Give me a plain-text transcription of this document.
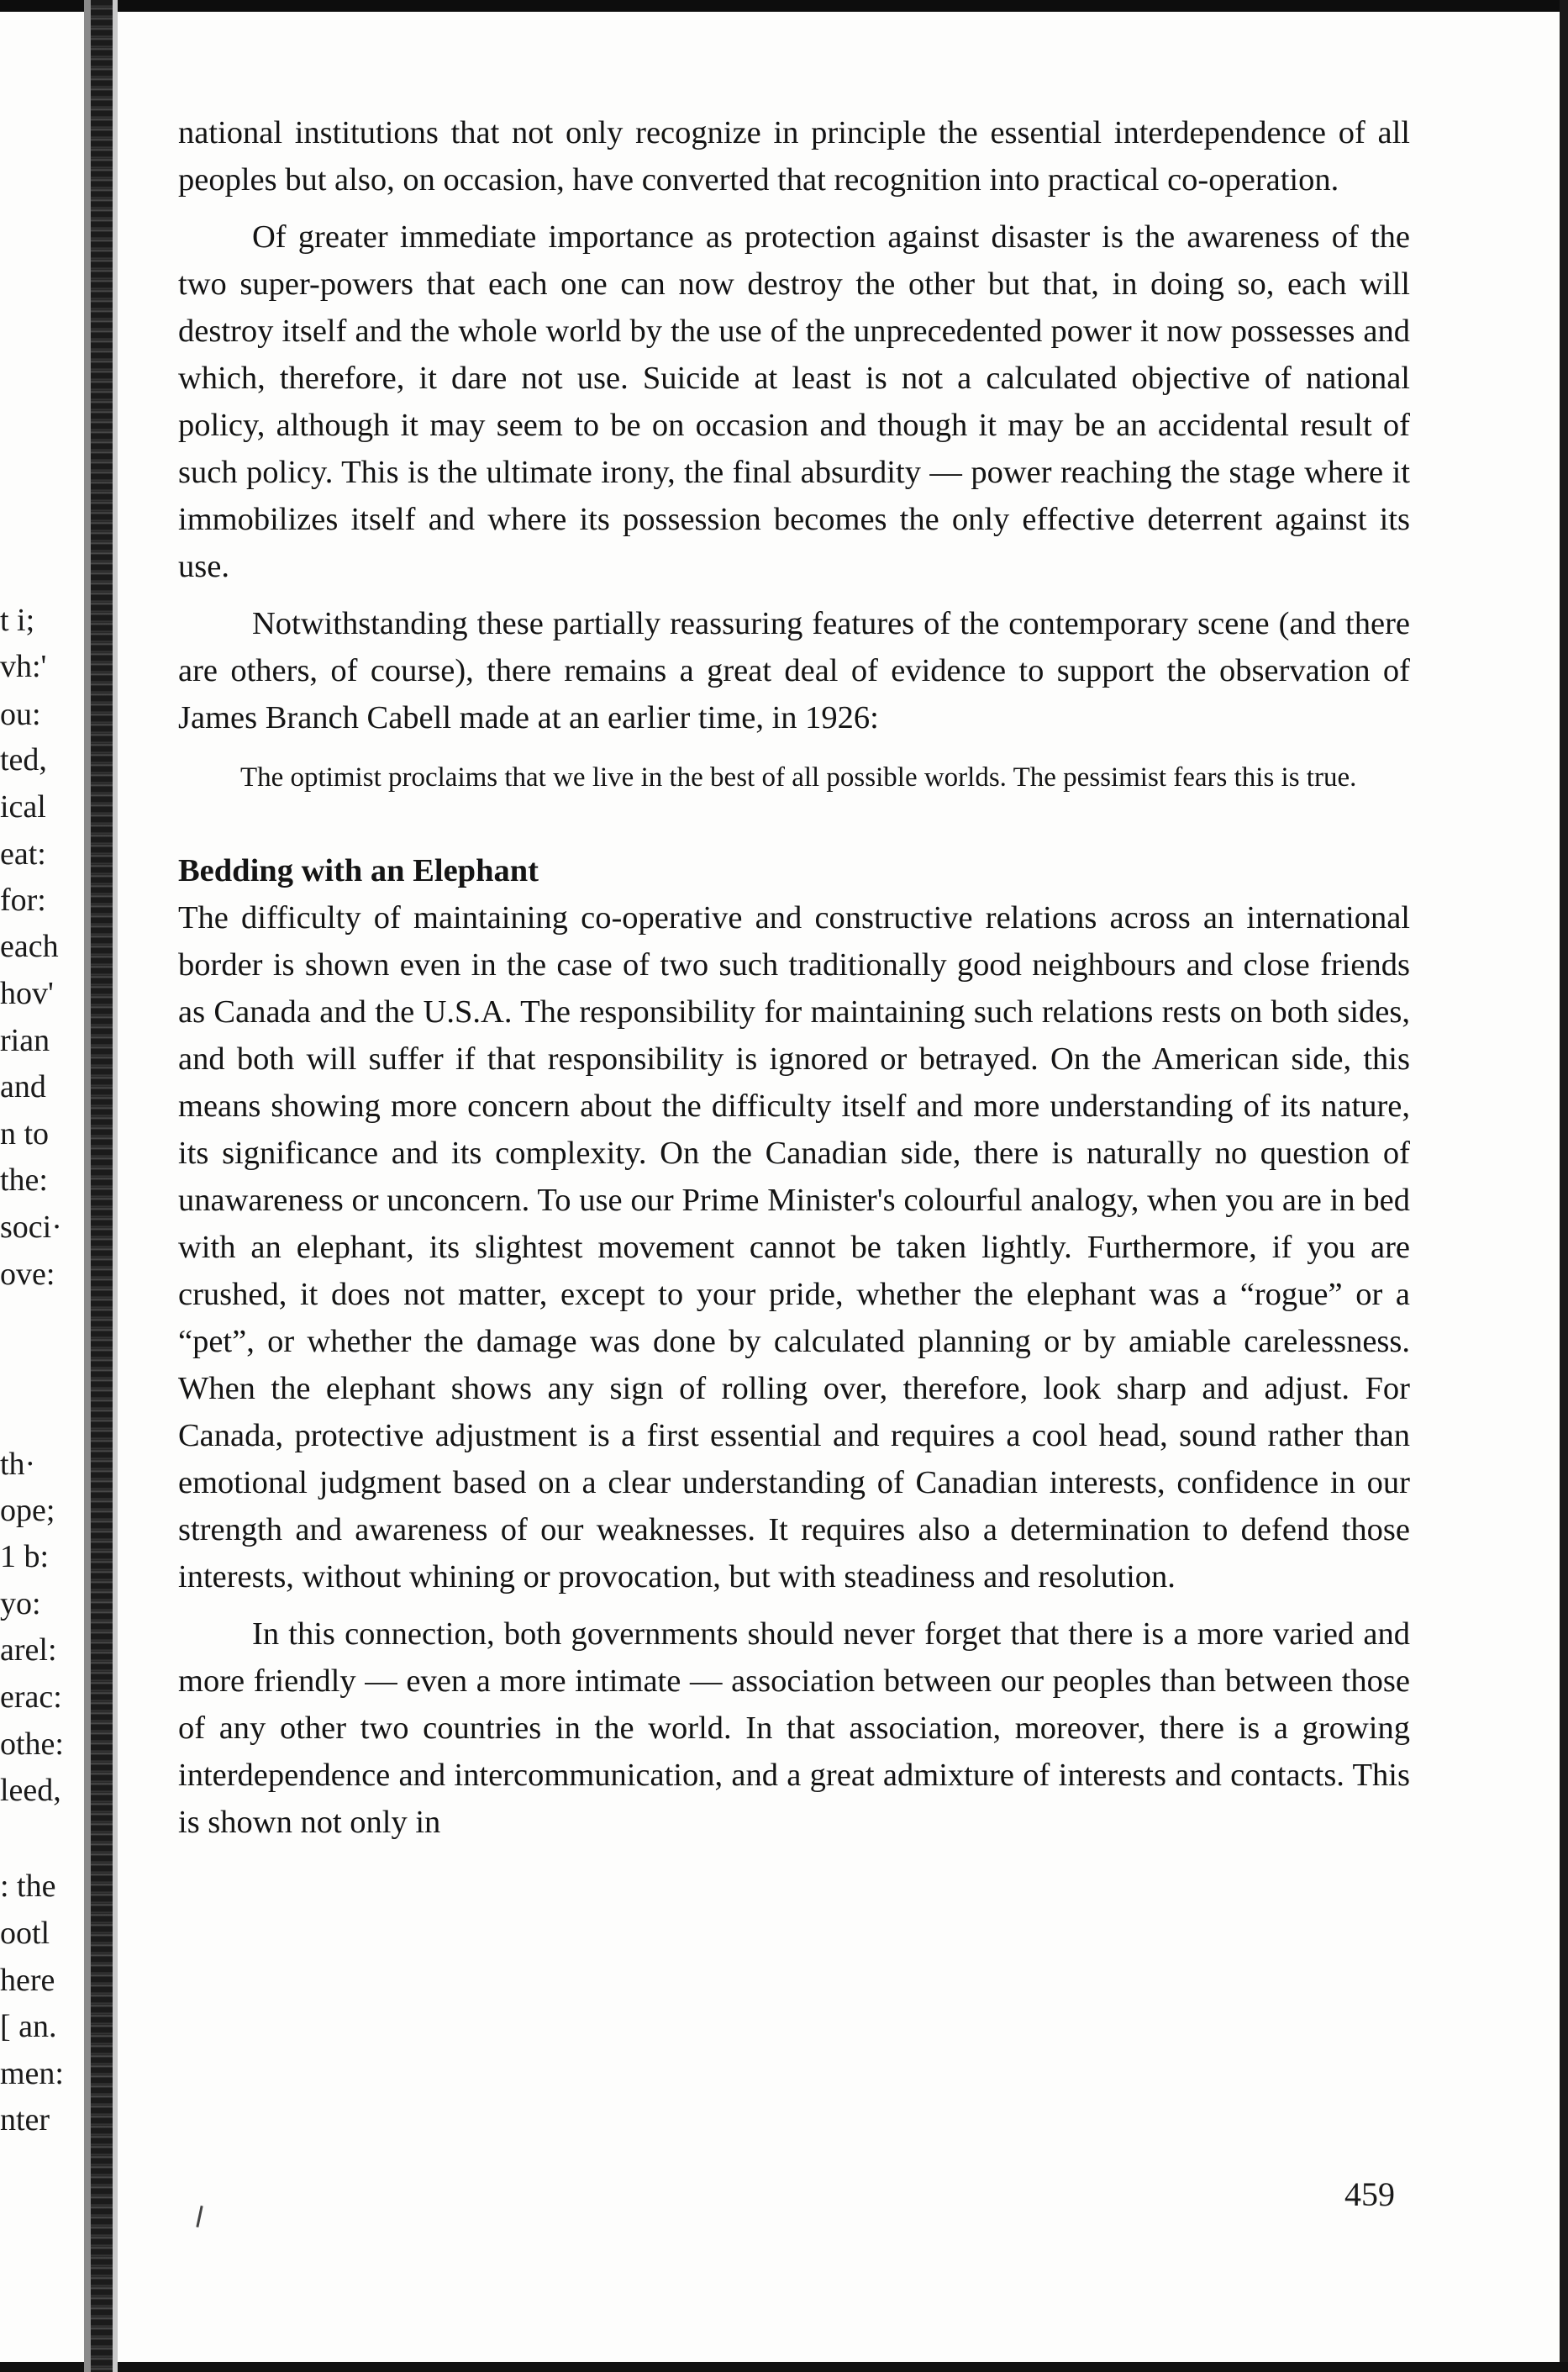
t i;
vh:'
ou:
ted,
ical
eat:
for:
each
hov'
rian
and
n to
the:
soci·
ove:
th·
ope;
1 b:
yo:
arel:
erac:
othe:
leed,
: the
ootl
here
[ an.
men:
nter

national institutions that not only recognize in principle the essential interdependence of all peoples but also, on occasion, have converted that recognition into practical co-operation.

Of greater immediate importance as protection against disaster is the awareness of the two super-powers that each one can now destroy the other but that, in doing so, each will destroy itself and the whole world by the use of the unprecedented power it now possesses and which, therefore, it dare not use. Suicide at least is not a calculated objective of national policy, although it may seem to be on occasion and though it may be an accidental result of such policy. This is the ultimate irony, the final absurdity — power reaching the stage where it immobilizes itself and where its possession becomes the only effective deterrent against its use.

Notwithstanding these partially reassuring features of the contemporary scene (and there are others, of course), there remains a great deal of evidence to support the observation of James Branch Cabell made at an earlier time, in 1926:

The optimist proclaims that we live in the best of all possible worlds. The pessimist fears this is true.

Bedding with an Elephant

The difficulty of maintaining co-operative and constructive relations across an international border is shown even in the case of two such traditionally good neighbours and close friends as Canada and the U.S.A. The responsibility for maintaining such relations rests on both sides, and both will suffer if that responsibility is ignored or betrayed. On the American side, this means showing more concern about the difficulty itself and more understanding of its nature, its significance and its complexity. On the Canadian side, there is naturally no question of unawareness or unconcern. To use our Prime Minister's colourful analogy, when you are in bed with an elephant, its slightest movement cannot be taken lightly. Furthermore, if you are crushed, it does not matter, except to your pride, whether the elephant was a “rogue” or a “pet”, or whether the damage was done by calculated planning or by amiable carelessness. When the elephant shows any sign of rolling over, therefore, look sharp and adjust. For Canada, protective adjustment is a first essential and requires a cool head, sound rather than emotional judgment based on a clear understanding of Canadian interests, confidence in our strength and awareness of our weaknesses. It requires also a determination to defend those interests, without whining or provocation, but with steadiness and resolution.

In this connection, both governments should never forget that there is a more varied and more friendly — even a more intimate — association between our peoples than between those of any other two countries in the world. In that association, moreover, there is a growing interdependence and intercommunication, and a great admixture of interests and contacts. This is shown not only in

459
